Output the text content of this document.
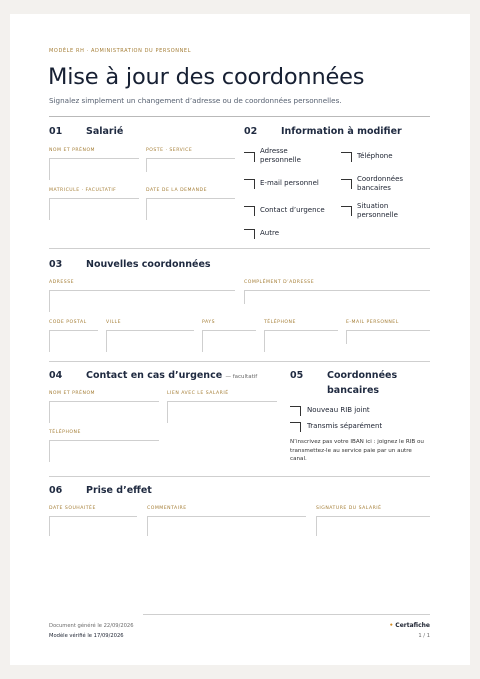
MODÈLE RH · ADMINISTRATION DU PERSONNEL
Mise à jour des coordonnées
Signalez simplement un changement d’adresse ou de coordonnées personnelles.
01	Salarié
NOM ET PRÉNOM	POSTE · SERVICE
MATRICULE · FACULTATIF	DATE DE LA DEMANDE
02	Information à modifier
Adresse personnelle	Téléphone
E-mail personnel	Coordonnées bancaires
Contact d’urgence	Situation personnelle
Autre
03	Nouvelles coordonnées
ADRESSE	COMPLÉMENT D’ADRESSE
CODE POSTAL	VILLE	PAYS	TÉLÉPHONE	E-MAIL PERSONNEL
04	Contact en cas d’urgence — facultatif
NOM ET PRÉNOM	LIEN AVEC LE SALARIÉ
TÉLÉPHONE
05	Coordonnées
bancaires
Nouveau RIB joint
Transmis séparément
N’inscrivez pas votre IBAN ici : joignez le RIB ou transmettez-le au service paie par un autre canal.
06	Prise d’effet
DATE SOUHAITÉE	COMMENTAIRE	SIGNATURE DU SALARIÉ
Document généré le 22/09/2026
Modèle vérifié le 17/09/2026
• Certafiche
1 / 1
